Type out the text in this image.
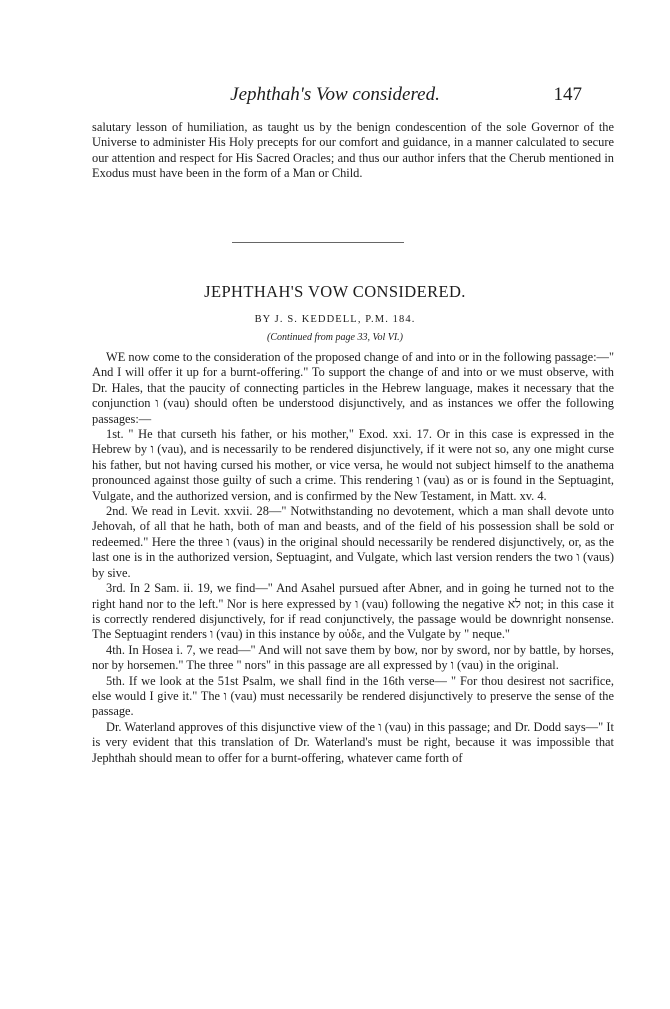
Jephthah's Vow considered.	147

salutary lesson of humiliation, as taught us by the benign condescention of the sole Governor of the Universe to administer His Holy precepts for our comfort and guidance, in a manner calculated to secure our attention and respect for His Sacred Oracles; and thus our author infers that the Cherub mentioned in Exodus must have been in the form of a Man or Child.

JEPHTHAH'S VOW CONSIDERED.
BY J. S. KEDDELL, P.M. 184.
(Continued from page 33, Vol VI.)

WE now come to the consideration of the proposed change of and into or in the following passage:—" And I will offer it up for a burnt-offering." To support the change of and into or we must observe, with Dr. Hales, that the paucity of connecting particles in the Hebrew language, makes it necessary that the conjunction ו (vau) should often be understood disjunctively, and as instances we offer the following passages:—

1st. " He that curseth his father, or his mother," Exod. xxi. 17. Or in this case is expressed in the Hebrew by ו (vau), and is necessarily to be rendered disjunctively, if it were not so, any one might curse his father, but not having cursed his mother, or vice versa, he would not subject himself to the anathema pronounced against those guilty of such a crime. This rendering ו (vau) as or is found in the Septuagint, Vulgate, and the authorized version, and is confirmed by the New Testament, in Matt. xv. 4.

2nd. We read in Levit. xxvii. 28—" Notwithstanding no devotement, which a man shall devote unto Jehovah, of all that he hath, both of man and beasts, and of the field of his possession shall be sold or redeemed." Here the three ו (vaus) in the original should necessarily be rendered disjunctively, or, as the last one is in the authorized version, Septuagint, and Vulgate, which last version renders the two ו (vaus) by sive.

3rd. In 2 Sam. ii. 19, we find—" And Asahel pursued after Abner, and in going he turned not to the right hand nor to the left." Nor is here expressed by ו (vau) following the negative לא not; in this case it is correctly rendered disjunctively, for if read conjunctively, the passage would be downright nonsense. The Septuagint renders ו (vau) in this instance by οὐδε, and the Vulgate by " neque."

4th. In Hosea i. 7, we read—" And will not save them by bow, nor by sword, nor by battle, by horses, nor by horsemen." The three " nors" in this passage are all expressed by ו (vau) in the original.

5th. If we look at the 51st Psalm, we shall find in the 16th verse— " For thou desirest not sacrifice, else would I give it." The ו (vau) must necessarily be rendered disjunctively to preserve the sense of the passage.

Dr. Waterland approves of this disjunctive view of the ו (vau) in this passage; and Dr. Dodd says—" It is very evident that this translation of Dr. Waterland's must be right, because it was impossible that Jephthah should mean to offer for a burnt-offering, whatever came forth of
